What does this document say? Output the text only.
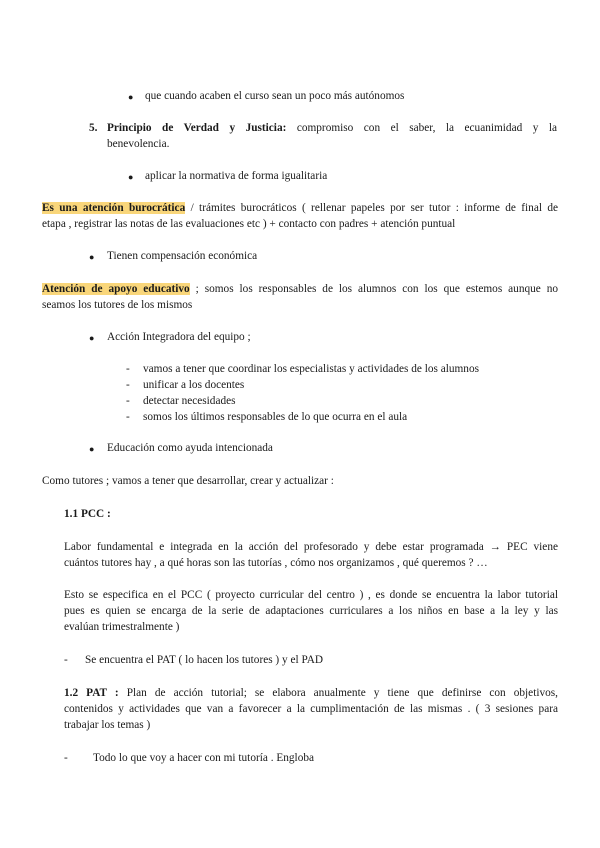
● que cuando acaben el curso sean un poco más autónomos
5. Principio de Verdad y Justicia: compromiso con el saber, la ecuanimidad y la
benevolencia.
● aplicar la normativa de forma igualitaria
Es una atención burocrática / trámites burocráticos ( rellenar papeles por ser tutor : informe de final de
etapa , registrar las notas de las evaluaciones etc ) + contacto con padres + atención puntual
● Tienen compensación económica
Atención de apoyo educativo ; somos los responsables de los alumnos con los que estemos aunque no
seamos los tutores de los mismos
● Acción Integradora del equipo ;
- vamos a tener que coordinar los especialistas y actividades de los alumnos
- unificar a los docentes
- detectar necesidades
- somos los últimos responsables de lo que ocurra en el aula
● Educación como ayuda intencionada
Como tutores ; vamos a tener que desarrollar, crear y actualizar :
1.1 PCC :
Labor fundamental e integrada en la acción del profesorado y debe estar programada → PEC viene
cuántos tutores hay , a qué horas son las tutorías , cómo nos organizamos , qué queremos ? …
Esto se especifica en el PCC ( proyecto curricular del centro ) , es donde se encuentra la labor tutorial
pues es quien se encarga de la serie de adaptaciones curriculares a los niños en base a la ley y las
evalúan trimestralmente )
- Se encuentra el PAT ( lo hacen los tutores ) y el PAD
1.2 PAT : Plan de acción tutorial; se elabora anualmente y tiene que definirse con objetivos,
contenidos y actividades que van a favorecer a la cumplimentación de las mismas . ( 3 sesiones para
trabajar los temas )
- Todo lo que voy a hacer con mi tutoría . Engloba
